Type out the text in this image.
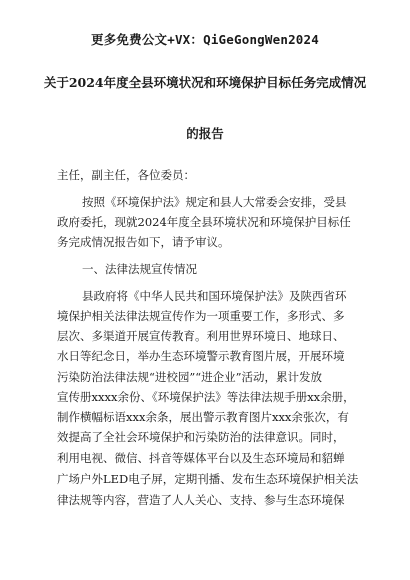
更多免费公文+VX：QiGeGongWen2024
关于2024年度全县环境状况和环境保护目标任务完成情况
的报告
主任，副主任，各位委员：
按照《环境保护法》规定和县人大常委会安排，受县
政府委托，现就2024年度全县环境状况和环境保护目标任
务完成情况报告如下，请予审议。
一、法律法规宣传情况
县政府将《中华人民共和国环境保护法》及陕西省环
境保护相关法律法规宣传作为一项重要工作，多形式、多
层次、多渠道开展宣传教育。利用世界环境日、地球日、
水日等纪念日，举办生态环境警示教育图片展，开展环境
污染防治法律法规“进校园”“进企业”活动，累计发放
宣传册xxxx余份、《环境保护法》等法律法规手册xx余册，
制作横幅标语xxx余条，展出警示教育图片xxx余张次，有
效提高了全社会环境保护和污染防治的法律意识。同时，
利用电视、微信、抖音等媒体平台以及生态环境局和貂蝉
广场户外LED电子屏，定期刊播、发布生态环境保护相关法
律法规等内容，营造了人人关心、支持、参与生态环境保
